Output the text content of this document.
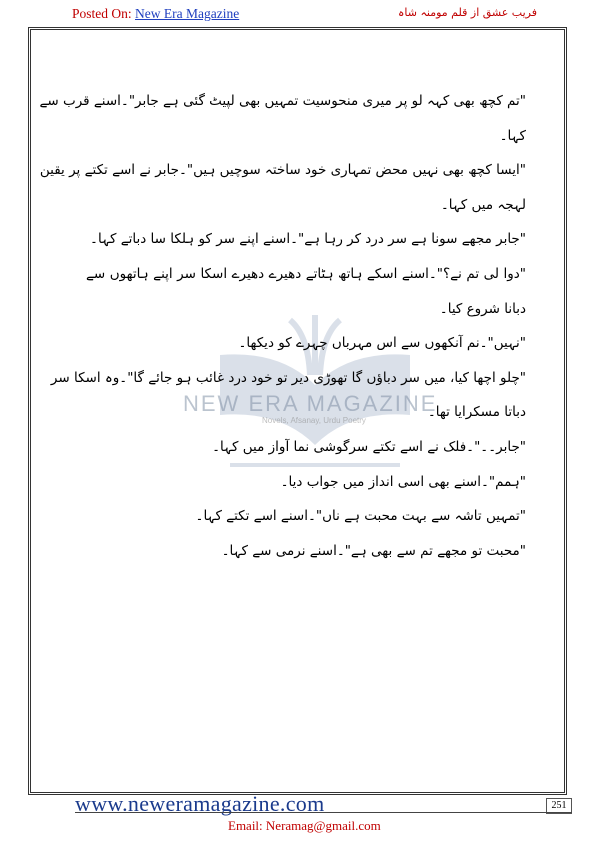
Posted On: New Era Magazine	فریب عشق از قلم مومنہ شاہ
NEW ERA MAGAZINE
Novels, Afsanay, Urdu Poetry
"تم کچھ بھی کہہ لو پر میری منحوسیت تمہیں بھی لپیٹ گئی ہے جابر"۔اسنے قرب سے
کہا۔
"ایسا کچھ بھی نہیں محض تمہاری خود ساختہ سوچیں ہیں"۔جابر نے اسے تکتے پر یقین
لہجہ میں کہا۔
"جابر مجھے سونا ہے سر درد کر رہا ہے"۔اسنے اپنے سر کو ہلکا سا دباتے کہا۔
"دوا لی تم نے؟"۔اسنے اسکے ہاتھ ہٹاتے دھیرے دھیرے اسکا سر اپنے ہاتھوں سے
دبانا شروع کیا۔
"نہیں"۔نم آنکھوں سے اس مہرباں چہرے کو دیکھا۔
"چلو اچھا کیا، میں سر دباؤں گا تھوڑی دیر تو خود درد غائب ہو جائے گا"۔وہ اسکا سر
دباتا مسکرایا تھا۔
"جابر۔۔"۔فلک نے اسے تکتے سرگوشی نما آواز میں کہا۔
"ہمم"۔اسنے بھی اسی انداز میں جواب دیا۔
"تمہیں تاشہ سے بہت محبت ہے ناں"۔اسنے اسے تکتے کہا۔
"محبت تو مجھے تم سے بھی ہے"۔اسنے نرمی سے کہا۔
www.neweramagazine.com	251
Email: Neramag@gmail.com
